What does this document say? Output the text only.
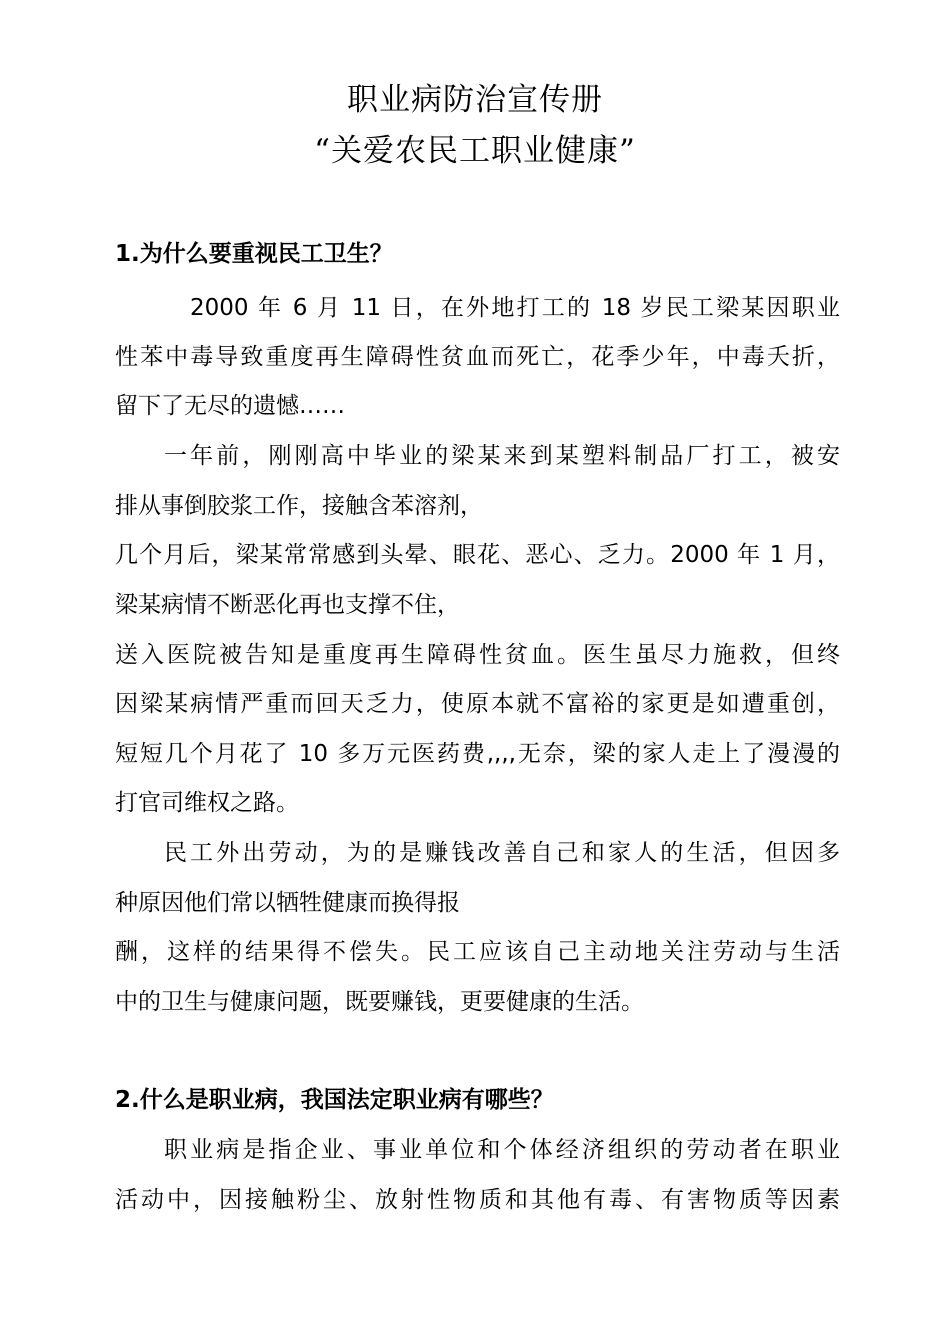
职业病防治宣传册
“关爱农民工职业健康”
1.为什么要重视民工卫生？
2000 年 6 月 11 日，在外地打工的 18 岁民工梁某因职业
性苯中毒导致重度再生障碍性贫血而死亡，花季少年，中毒夭折，
留下了无尽的遗憾……
一年前，刚刚高中毕业的梁某来到某塑料制品厂打工，被安
排从事倒胶浆工作，接触含苯溶剂，
几个月后，梁某常常感到头晕、眼花、恶心、乏力。2000 年 1 月，
梁某病情不断恶化再也支撑不住，
送入医院被告知是重度再生障碍性贫血。医生虽尽力施救，但终
因梁某病情严重而回天乏力，使原本就不富裕的家更是如遭重创，
短短几个月花了 10 多万元医药费,,,,无奈，梁的家人走上了漫漫的
打官司维权之路。
民工外出劳动，为的是赚钱改善自己和家人的生活，但因多
种原因他们常以牺牲健康而换得报
酬，这样的结果得不偿失。民工应该自己主动地关注劳动与生活
中的卫生与健康问题，既要赚钱，更要健康的生活。
2.什么是职业病，我国法定职业病有哪些？
职业病是指企业、事业单位和个体经济组织的劳动者在职业
活动中，因接触粉尘、放射性物质和其他有毒、有害物质等因素
